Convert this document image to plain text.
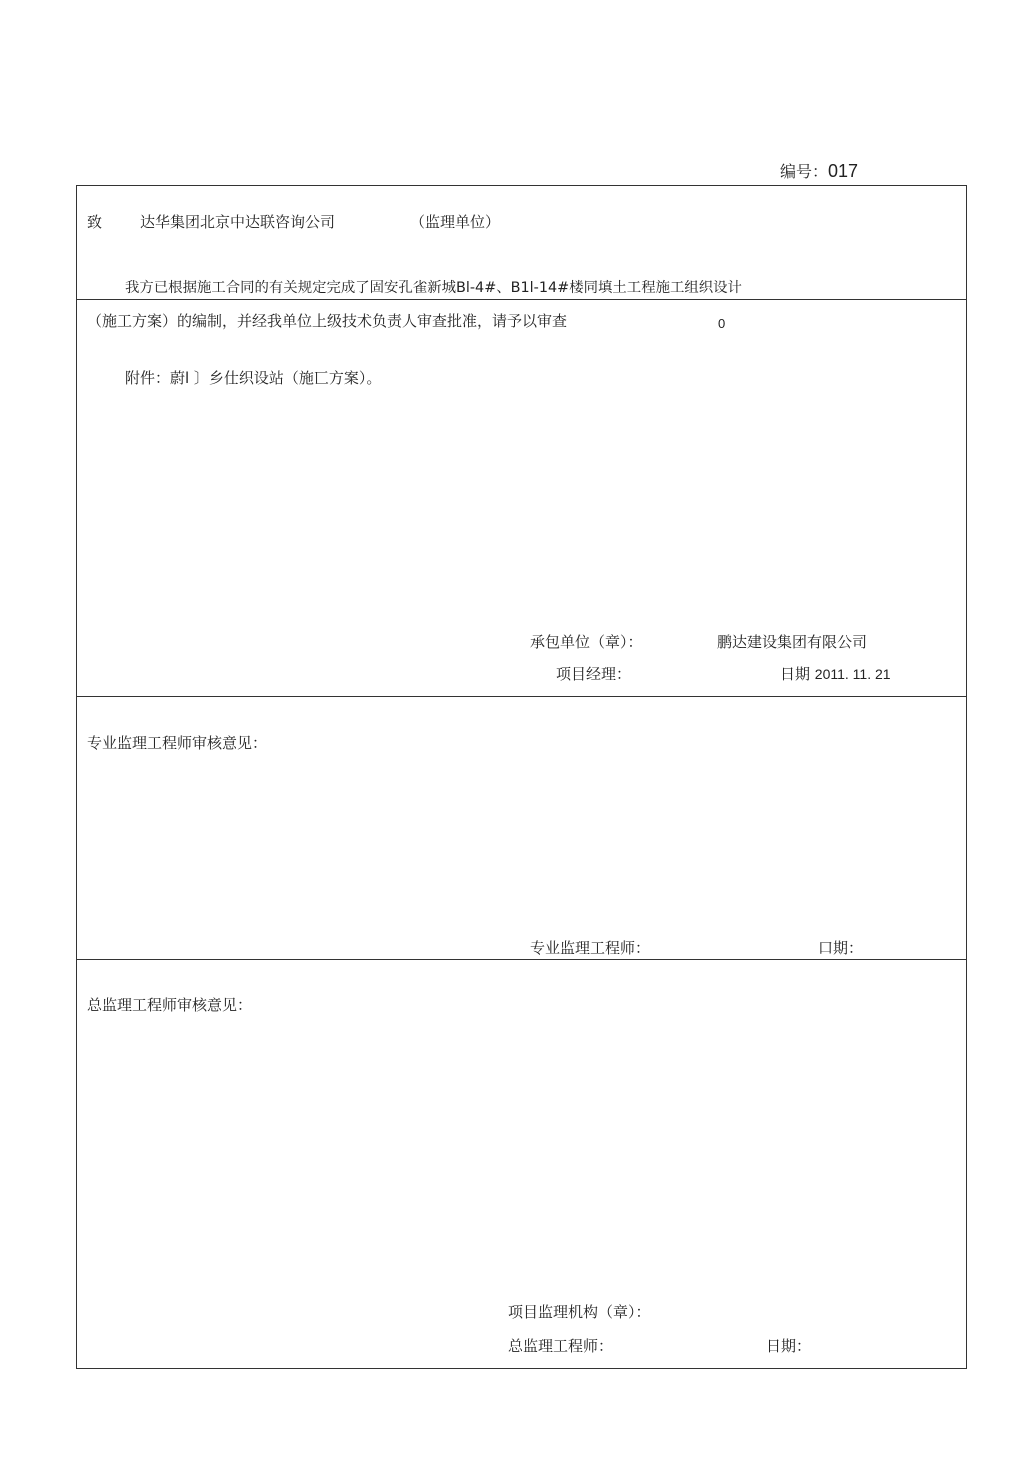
编号：017
致	达华集团北京中达联咨询公司	（监理单位）
我方已根据施工合同的有关规定完成了固安孔雀新城Bl-4#、B1l-14#楼同填土工程施工组织设计
（施工方案）的编制，并经我单位上级技术负责人审查批准，请予以审查	0
附件：蔚l 〕乡仕织设站（施匸方案）。
承包单位（章）：	鹏达建设集团有限公司
项目经理：	日期 2011. 11. 21
专业监理工程师审核意见：
专业监理工程师：	口期：
总监理工程师审核意见：
项目监理机构（章）：
总监理工程师：	日期：
